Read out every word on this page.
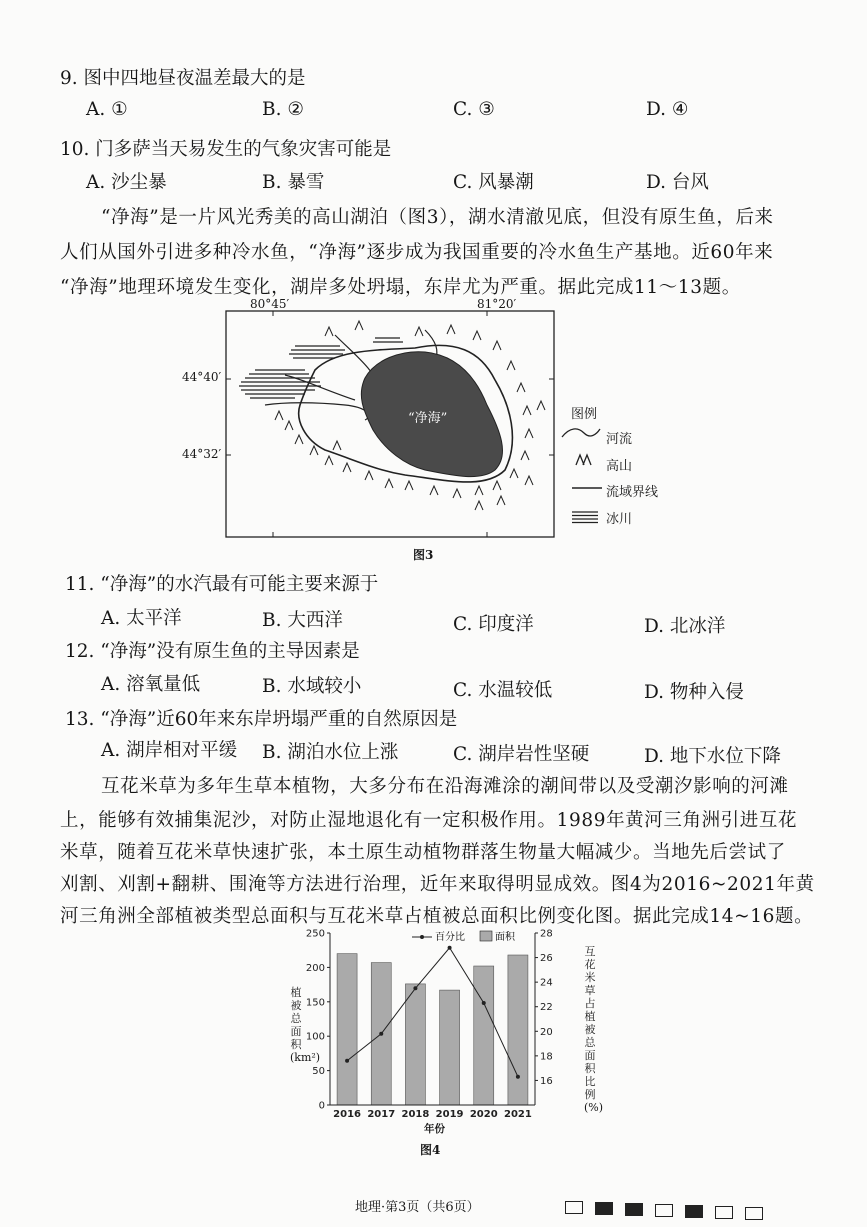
9. 图中四地昼夜温差最大的是
A. ①	B. ②	C. ③	D. ④
10. 门多萨当天易发生的气象灾害可能是
A. 沙尘暴	B. 暴雪	C. 风暴潮	D. 台风
“净海”是一片风光秀美的高山湖泊（图3），湖水清澈见底，但没有原生鱼，后来
人们从国外引进多种冷水鱼，“净海”逐步成为我国重要的冷水鱼生产基地。近60年来
“净海”地理环境发生变化，湖岸多处坍塌，东岸尤为严重。据此完成11～13题。
80°45′	81°20′
44°40′
44°32′
“净海”	图例
河流
高山
流域界线
冰川
图3
11. “净海”的水汽最有可能主要来源于
A. 太平洋	B. 大西洋	C. 印度洋	D. 北冰洋
12. “净海”没有原生鱼的主导因素是
A. 溶氧量低	B. 水域较小	C. 水温较低	D. 物种入侵
13. “净海”近60年来东岸坍塌严重的自然原因是
A. 湖岸相对平缓 B. 湖泊水位上涨	C. 湖岸岩性坚硬	D. 地下水位下降
互花米草为多年生草本植物，大多分布在沿海滩涂的潮间带以及受潮汐影响的河滩
上，能够有效捕集泥沙，对防止湿地退化有一定积极作用。1989年黄河三角洲引进互花
米草，随着互花米草快速扩张，本土原生动植物群落生物量大幅减少。当地先后尝试了
刈割、刈割+翻耕、围淹等方法进行治理，近年来取得明显成效。图4为2016~2021年黄
河三角洲全部植被类型总面积与互花米草占植被总面积比例变化图。据此完成14~16题。
0
50
100
150
200
250
16
18
20
22
24
26
28
2016 2017 2018 2019 2020 2021
百分比	面积
植被总面积(km²)
互花米草占植被总面积比例(%)
年份
图4
地理·第3页（共6页）
